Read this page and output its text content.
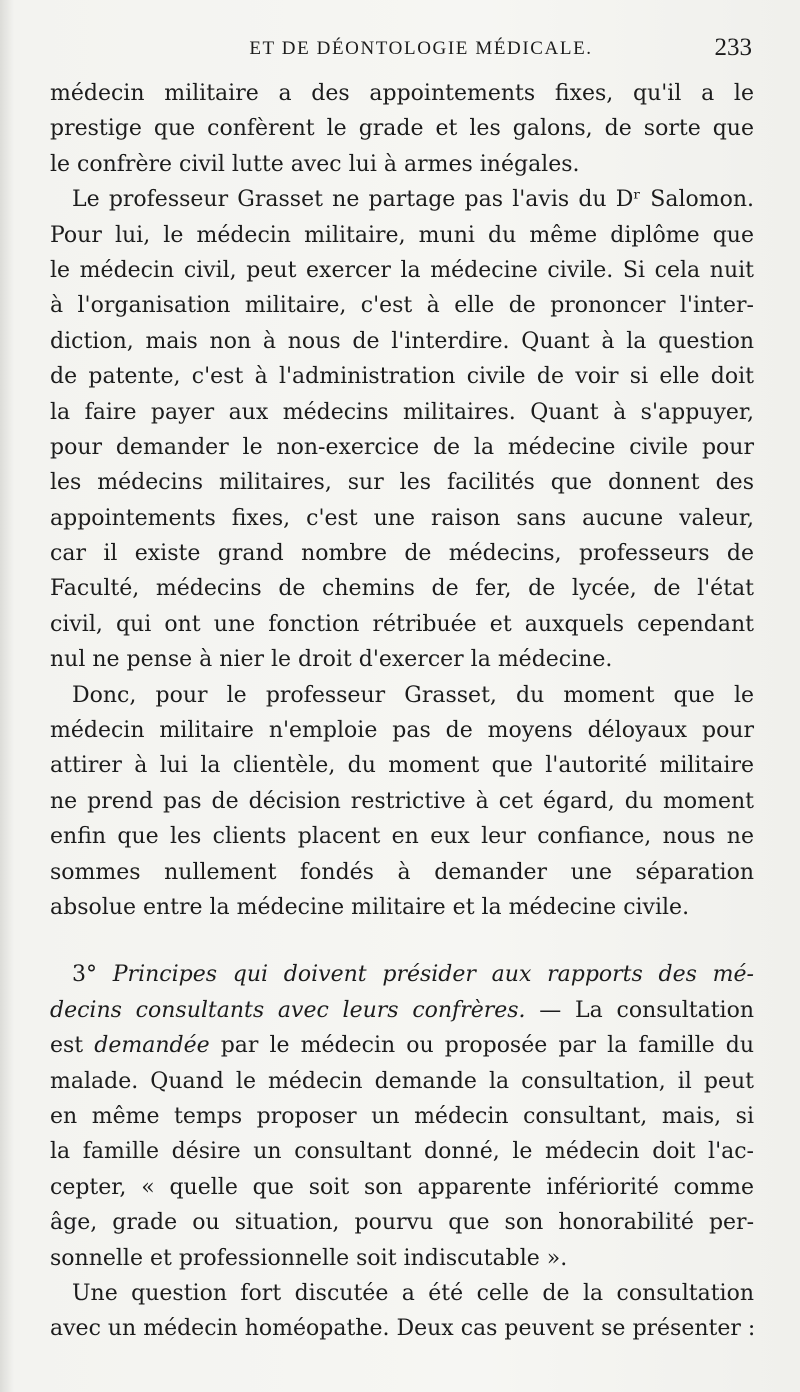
ET DE DÉONTOLOGIE MÉDICALE.	233
médecin militaire a des appointements fixes, qu'il a le
prestige que confèrent le grade et les galons, de sorte que
le confrère civil lutte avec lui à armes inégales.
Le professeur Grasset ne partage pas l'avis du Dʳ Salomon.
Pour lui, le médecin militaire, muni du même diplôme que
le médecin civil, peut exercer la médecine civile. Si cela nuit
à l'organisation militaire, c'est à elle de prononcer l'inter-
diction, mais non à nous de l'interdire. Quant à la question
de patente, c'est à l'administration civile de voir si elle doit
la faire payer aux médecins militaires. Quant à s'appuyer,
pour demander le non-exercice de la médecine civile pour
les médecins militaires, sur les facilités que donnent des
appointements fixes, c'est une raison sans aucune valeur,
car il existe grand nombre de médecins, professeurs de
Faculté, médecins de chemins de fer, de lycée, de l'état
civil, qui ont une fonction rétribuée et auxquels cependant
nul ne pense à nier le droit d'exercer la médecine.
Donc, pour le professeur Grasset, du moment que le
médecin militaire n'emploie pas de moyens déloyaux pour
attirer à lui la clientèle, du moment que l'autorité militaire
ne prend pas de décision restrictive à cet égard, du moment
enfin que les clients placent en eux leur confiance, nous ne
sommes nullement fondés à demander une séparation
absolue entre la médecine militaire et la médecine civile.
3° Principes qui doivent présider aux rapports des mé-
decins consultants avec leurs confrères. — La consultation
est demandée par le médecin ou proposée par la famille du
malade. Quand le médecin demande la consultation, il peut
en même temps proposer un médecin consultant, mais, si
la famille désire un consultant donné, le médecin doit l'ac-
cepter, « quelle que soit son apparente infériorité comme
âge, grade ou situation, pourvu que son honorabilité per-
sonnelle et professionnelle soit indiscutable ».
Une question fort discutée a été celle de la consultation
avec un médecin homéopathe. Deux cas peuvent se présenter :
